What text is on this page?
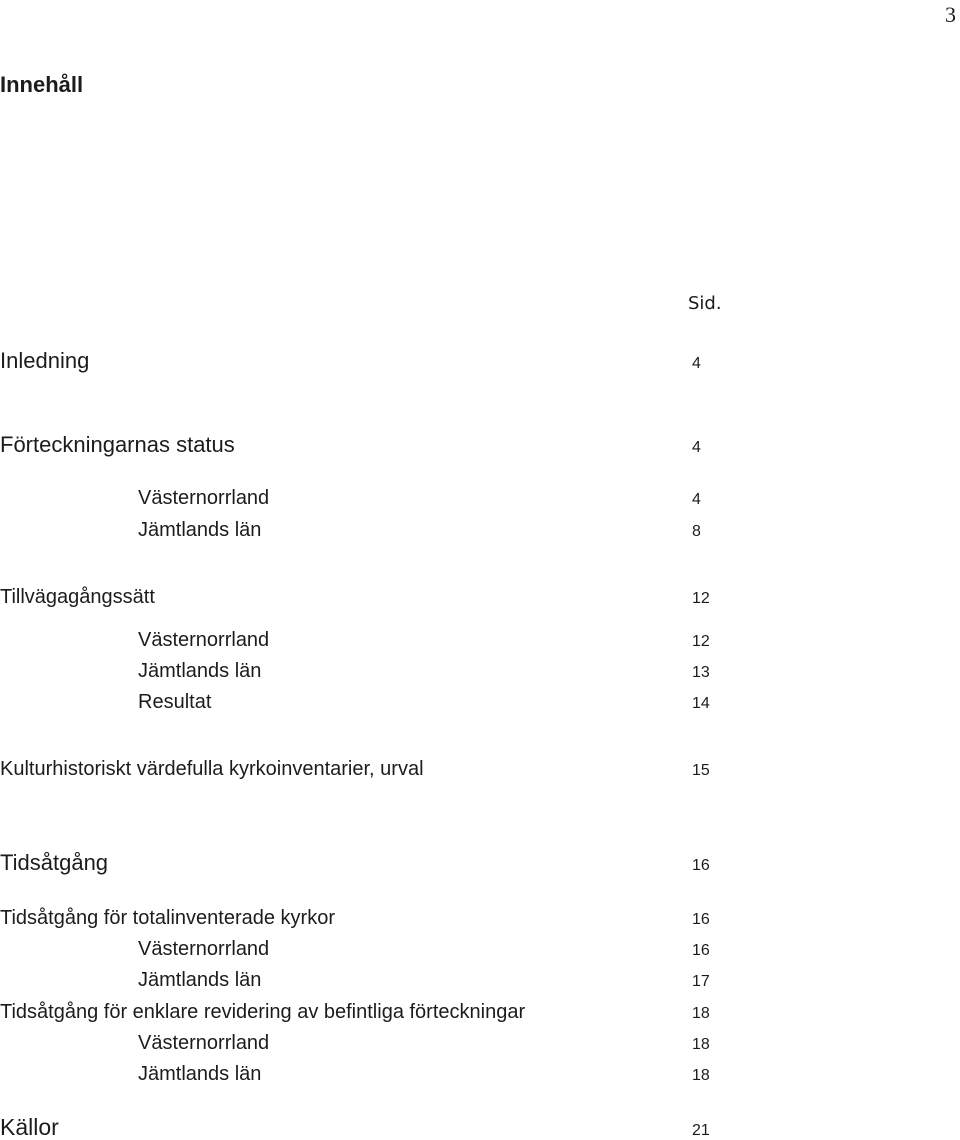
3
Innehåll
Sid.
Inledning	4
Förteckningarnas status	4
Västernorrland	4
Jämtlands län	8
Tillvägagångssätt	12
Västernorrland	12
Jämtlands län	13
Resultat	14
Kulturhistoriskt värdefulla kyrkoinventarier, urval	15
Tidsåtgång	16
Tidsåtgång för totalinventerade kyrkor	16
Västernorrland	16
Jämtlands län	17
Tidsåtgång för enklare revidering av befintliga förteckningar	18
Västernorrland	18
Jämtlands län	18
Källor	21
